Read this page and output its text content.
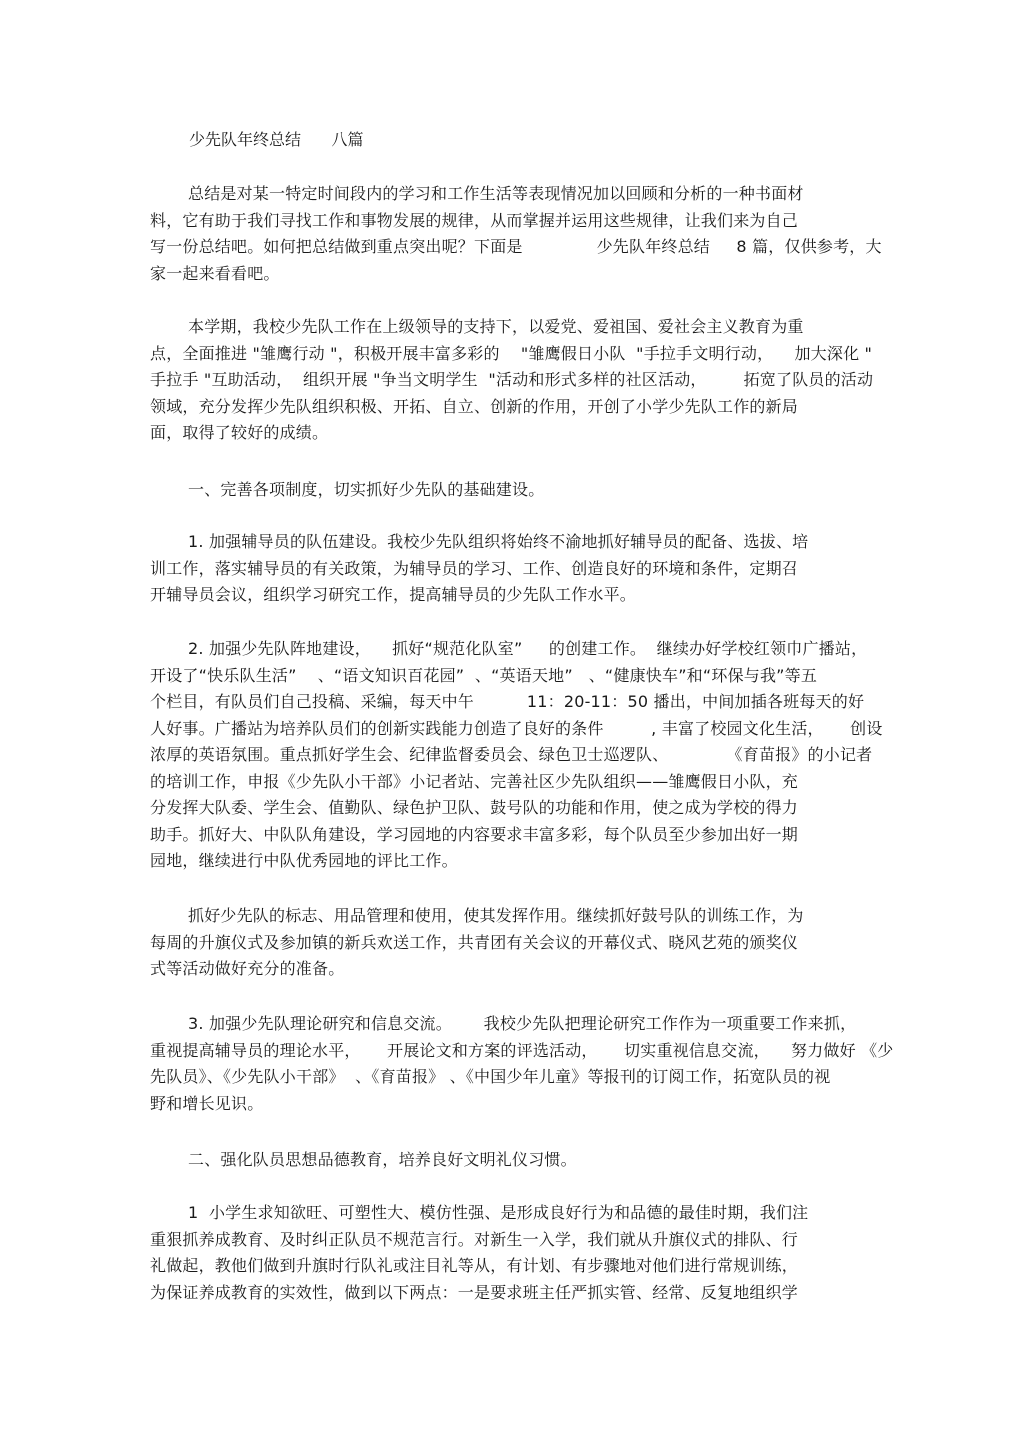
少先队年终总结      八篇
总结是对某一特定时间段内的学习和工作生活等表现情况加以回顾和分析的一种书面材
料，它有助于我们寻找工作和事物发展的规律，从而掌握并运用这些规律，让我们来为自己
写一份总结吧。如何把总结做到重点突出呢？下面是              少先队年终总结     8 篇，仅供参考，大
家一起来看看吧。
本学期，我校少先队工作在上级领导的支持下，以爱党、爱祖国、爱社会主义教育为重
点，全面推进 "雏鹰行动 "，积极开展丰富多彩的    "雏鹰假日小队  "手拉手文明行动，    加大深化 "
手拉手 "互助活动，  组织开展 "争当文明学生  "活动和形式多样的社区活动，       拓宽了队员的活动
领域，充分发挥少先队组织积极、开拓、自立、创新的作用，开创了小学少先队工作的新局
面，取得了较好的成绩。
一、完善各项制度，切实抓好少先队的基础建设。
1. 加强辅导员的队伍建设。我校少先队组织将始终不渝地抓好辅导员的配备、选拔、培
训工作，落实辅导员的有关政策，为辅导员的学习、工作、创造良好的环境和条件，定期召
开辅导员会议，组织学习研究工作，提高辅导员的少先队工作水平。
2. 加强少先队阵地建设，    抓好“规范化队室”     的创建工作。  继续办好学校红领巾广播站，
开设了“快乐队生活”    、“语文知识百花园”  、“英语天地”   、“健康快车”和“环保与我”等五
个栏目，有队员们自己投稿、采编，每天中午          11：20-11：50 播出，中间加插各班每天的好
人好事。广播站为培养队员们的创新实践能力创造了良好的条件         , 丰富了校园文化生活，     创设
浓厚的英语氛围。重点抓好学生会、纪律监督委员会、绿色卫士巡逻队、           《育苗报》的小记者
的培训工作，申报《少先队小干部》小记者站、完善社区少先队组织——雏鹰假日小队，充
分发挥大队委、学生会、值勤队、绿色护卫队、鼓号队的功能和作用，使之成为学校的得力
助手。抓好大、中队队角建设，学习园地的内容要求丰富多彩，每个队员至少参加出好一期
园地，继续进行中队优秀园地的评比工作。
抓好少先队的标志、用品管理和使用，使其发挥作用。继续抓好鼓号队的训练工作，为
每周的升旗仪式及参加镇的新兵欢送工作，共青团有关会议的开幕仪式、晓风艺苑的颁奖仪
式等活动做好充分的准备。
3. 加强少先队理论研究和信息交流。      我校少先队把理论研究工作作为一项重要工作来抓，
重视提高辅导员的理论水平，     开展论文和方案的评选活动，     切实重视信息交流，    努力做好 《少
先队员》、《少先队小干部》  、《育苗报》 、《中国少年儿童》等报刊的订阅工作，拓宽队员的视
野和增长见识。
二、强化队员思想品德教育，培养良好文明礼仪习惯。
1  小学生求知欲旺、可塑性大、模仿性强、是形成良好行为和品德的最佳时期，我们注
重狠抓养成教育、及时纠正队员不规范言行。对新生一入学，我们就从升旗仪式的排队、行
礼做起，教他们做到升旗时行队礼或注目礼等从，有计划、有步骤地对他们进行常规训练，
为保证养成教育的实效性，做到以下两点：一是要求班主任严抓实管、经常、反复地组织学
